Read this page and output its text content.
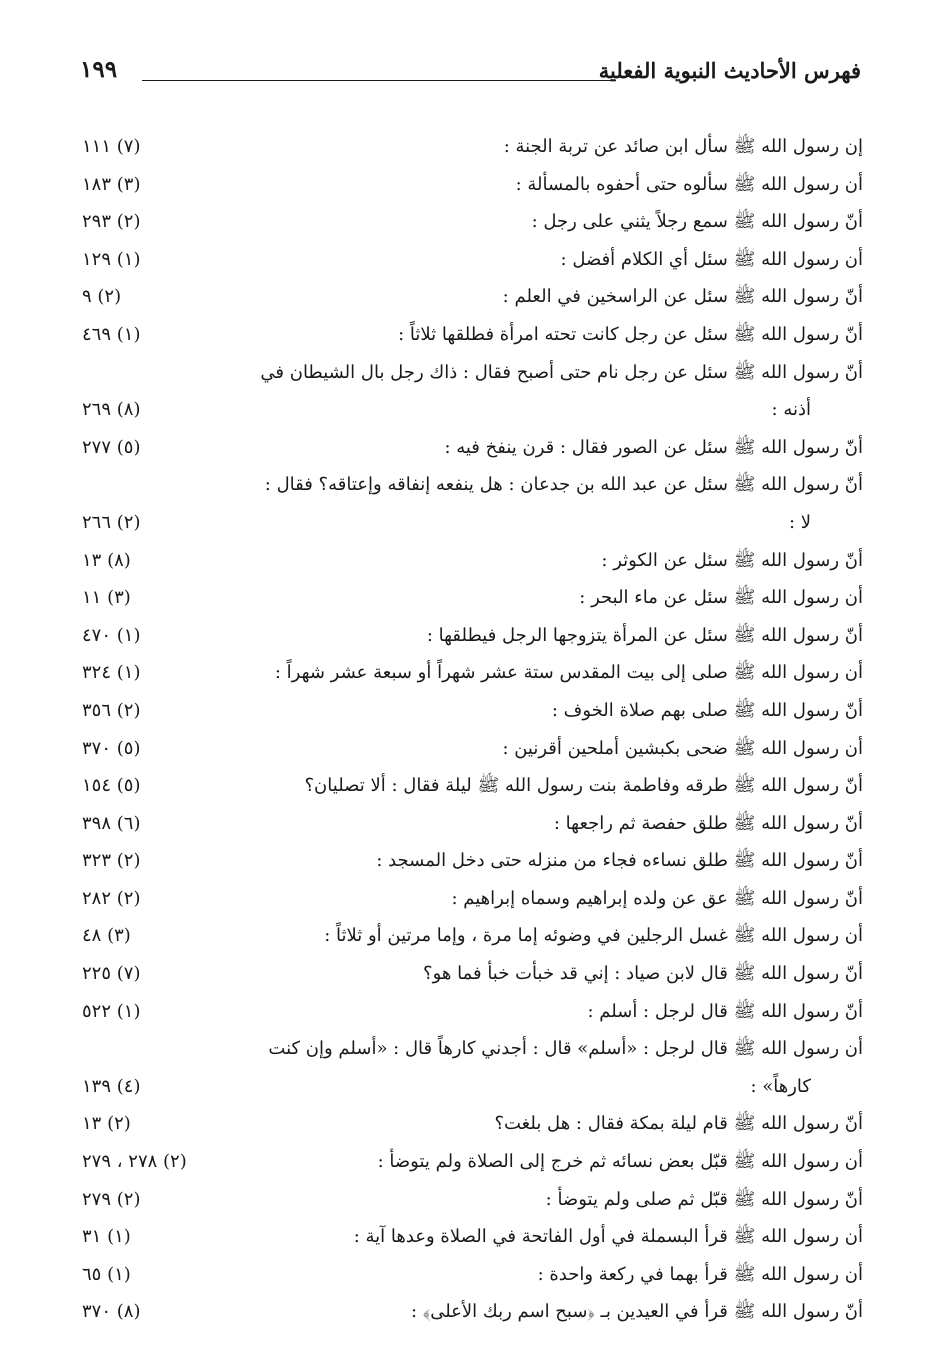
فهرس الأحاديث النبوية الفعلية
١٩٩
إن رسول الله ﷺ سأل ابن صائد عن تربة الجنة :
(٧) ١١١
أن رسول الله ﷺ سألوه حتى أحفوه بالمسألة :
(٣) ١٨٣
أنّ رسول الله ﷺ سمع رجلاً يثني على رجل :
(٢) ٢٩٣
أن رسول الله ﷺ سئل أي الكلام أفضل :
(١) ١٢٩
أنّ رسول الله ﷺ سئل عن الراسخين في العلم :
(٢) ٩
أنّ رسول الله ﷺ سئل عن رجل كانت تحته امرأة فطلقها ثلاثاً :
(١) ٤٦٩
أنّ رسول الله ﷺ سئل عن رجل نام حتى أصبح فقال : ذاك رجل بال الشيطان في
أذنه :
(٨) ٢٦٩
أنّ رسول الله ﷺ سئل عن الصور فقال : قرن ينفخ فيه :
(٥) ٢٧٧
أنّ رسول الله ﷺ سئل عن عبد الله بن جدعان : هل ينفعه إنفاقه وإعتاقه؟ فقال :
لا :
(٢) ٢٦٦
أنّ رسول الله ﷺ سئل عن الكوثر :
(٨) ١٣
أن رسول الله ﷺ سئل عن ماء البحر :
(٣) ١١
أنّ رسول الله ﷺ سئل عن المرأة يتزوجها الرجل فيطلقها :
(١) ٤٧٠
أن رسول الله ﷺ صلى إلى بيت المقدس ستة عشر شهراً أو سبعة عشر شهراً :
(١) ٣٢٤
أنّ رسول الله ﷺ صلى بهم صلاة الخوف :
(٢) ٣٥٦
أن رسول الله ﷺ ضحى بكبشين أملحين أقرنين :
(٥) ٣٧٠
أنّ رسول الله ﷺ طرقه وفاطمة بنت رسول الله ﷺ ليلة فقال : ألا تصليان؟
(٥) ١٥٤
أنّ رسول الله ﷺ طلق حفصة ثم راجعها :
(٦) ٣٩٨
أنّ رسول الله ﷺ طلق نساءه فجاء من منزله حتى دخل المسجد :
(٢) ٣٢٣
أنّ رسول الله ﷺ عق عن ولده إبراهيم وسماه إبراهيم :
(٢) ٢٨٢
أن رسول الله ﷺ غسل الرجلين في وضوئه إما مرة ، وإما مرتين أو ثلاثاً :
(٣) ٤٨
أنّ رسول الله ﷺ قال لابن صياد : إني قد خبأت خبأ فما هو؟
(٧) ٢٢٥
أنّ رسول الله ﷺ قال لرجل : أسلم :
(١) ٥٢٢
أن رسول الله ﷺ قال لرجل : «أسلم» قال : أجدني كارهاً قال : «أسلم وإن كنت
كارهاً» :
(٤) ١٣٩
أنّ رسول الله ﷺ قام ليلة بمكة فقال : هل بلغت؟
(٢) ١٣
أن رسول الله ﷺ قبّل بعض نسائه ثم خرج إلى الصلاة ولم يتوضأ :
(٢) ٢٧٨ ، ٢٧٩
أنّ رسول الله ﷺ قبّل ثم صلى ولم يتوضأ :
(٢) ٢٧٩
أن رسول الله ﷺ قرأ البسملة في أول الفاتحة في الصلاة وعدها آية :
(١) ٣١
أن رسول الله ﷺ قرأ بهما في ركعة واحدة :
(١) ٦٥
أنّ رسول الله ﷺ قرأ في العيدين بـ ﴿سبح اسم ربك الأعلى﴾ :
(٨) ٣٧٠
